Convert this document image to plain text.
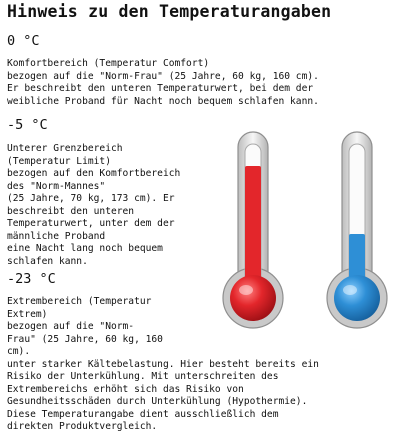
Hinweis zu den Temperaturangaben
0 °C
Komfortbereich (Temperatur Comfort)
bezogen auf die "Norm-Frau" (25 Jahre, 60 kg, 160 cm).
Er beschreibt den unteren Temperaturwert, bei dem der
weibliche Proband für Nacht noch bequem schlafen kann.
-5 °C
Unterer Grenzbereich
(Temperatur Limit)
bezogen auf den Komfortbereich
des "Norm-Mannes"
(25 Jahre, 70 kg, 173 cm). Er
beschreibt den unteren
Temperaturwert, unter dem der
männliche Proband
eine Nacht lang noch bequem
schlafen kann.
-23 °C
Extrembereich (Temperatur
Extrem)
bezogen auf die "Norm-
Frau" (25 Jahre, 60 kg, 160
cm).
unter starker Kältebelastung. Hier besteht bereits ein
Risiko der Unterkühlung. Mit unterschreiten des
Extrembereichs erhöht sich das Risiko von
Gesundheitsschäden durch Unterkühlung (Hypothermie).
Diese Temperaturangabe dient ausschließlich dem
direkten Produktvergleich.
